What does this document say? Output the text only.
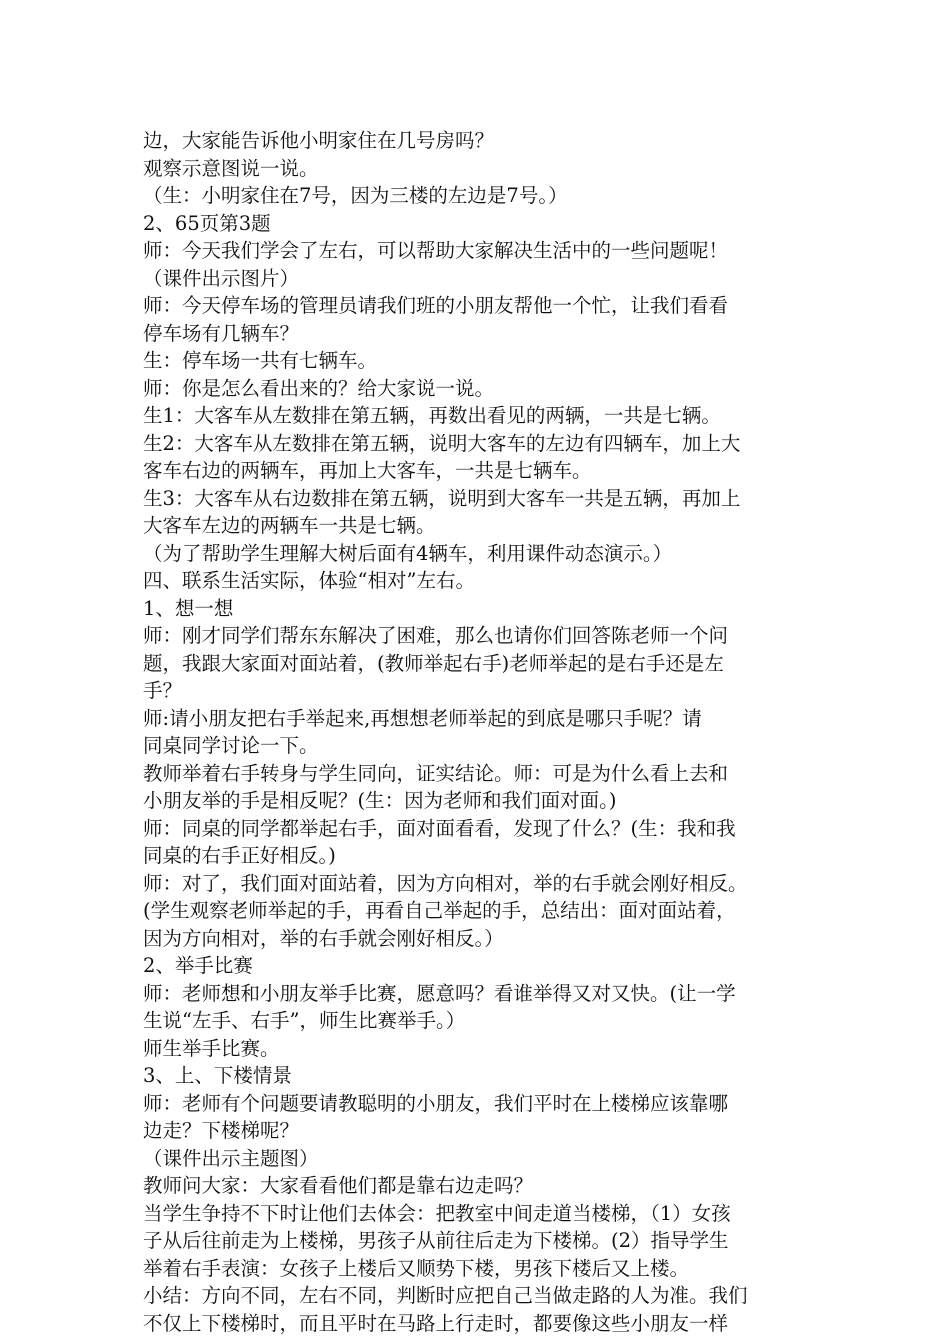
边，大家能告诉他小明家住在几号房吗？
观察示意图说一说。
（生：小明家住在7号，因为三楼的左边是7号。）
2、65页第3题
师：今天我们学会了左右，可以帮助大家解决生活中的一些问题呢！
（课件出示图片）
师：今天停车场的管理员请我们班的小朋友帮他一个忙，让我们看看
停车场有几辆车？
生：停车场一共有七辆车。
师：你是怎么看出来的？给大家说一说。
生1：大客车从左数排在第五辆，再数出看见的两辆，一共是七辆。
生2：大客车从左数排在第五辆，说明大客车的左边有四辆车，加上大
客车右边的两辆车，再加上大客车，一共是七辆车。
生3：大客车从右边数排在第五辆，说明到大客车一共是五辆，再加上
大客车左边的两辆车一共是七辆。
（为了帮助学生理解大树后面有4辆车，利用课件动态演示。）
四、联系生活实际，体验“相对”左右。
1、想一想
师：刚才同学们帮东东解决了困难，那么也请你们回答陈老师一个问
题，我跟大家面对面站着，(教师举起右手)老师举起的是右手还是左
手？
师:请小朋友把右手举起来,再想想老师举起的到底是哪只手呢？请
同桌同学讨论一下。
教师举着右手转身与学生同向，证实结论。师：可是为什么看上去和
小朋友举的手是相反呢？(生：因为老师和我们面对面。)
师：同桌的同学都举起右手，面对面看看，发现了什么？(生：我和我
同桌的右手正好相反。)
师：对了，我们面对面站着，因为方向相对，举的右手就会刚好相反。
(学生观察老师举起的手，再看自己举起的手，总结出：面对面站着，
因为方向相对，举的右手就会刚好相反。）
2、举手比赛
师：老师想和小朋友举手比赛，愿意吗？看谁举得又对又快。(让一学
生说“左手、右手”，师生比赛举手。）
师生举手比赛。
3、上、下楼情景
师：老师有个问题要请教聪明的小朋友，我们平时在上楼梯应该靠哪
边走？下楼梯呢？
（课件出示主题图）
教师问大家：大家看看他们都是靠右边走吗？
当学生争持不下时让他们去体会：把教室中间走道当楼梯，（1）女孩
子从后往前走为上楼梯，男孩子从前往后走为下楼梯。(2）指导学生
举着右手表演：女孩子上楼后又顺势下楼，男孩下楼后又上楼。
小结：方向不同，左右不同，判断时应把自己当做走路的人为准。我们
不仅上下楼梯时，而且平时在马路上行走时，都要像这些小朋友一样
